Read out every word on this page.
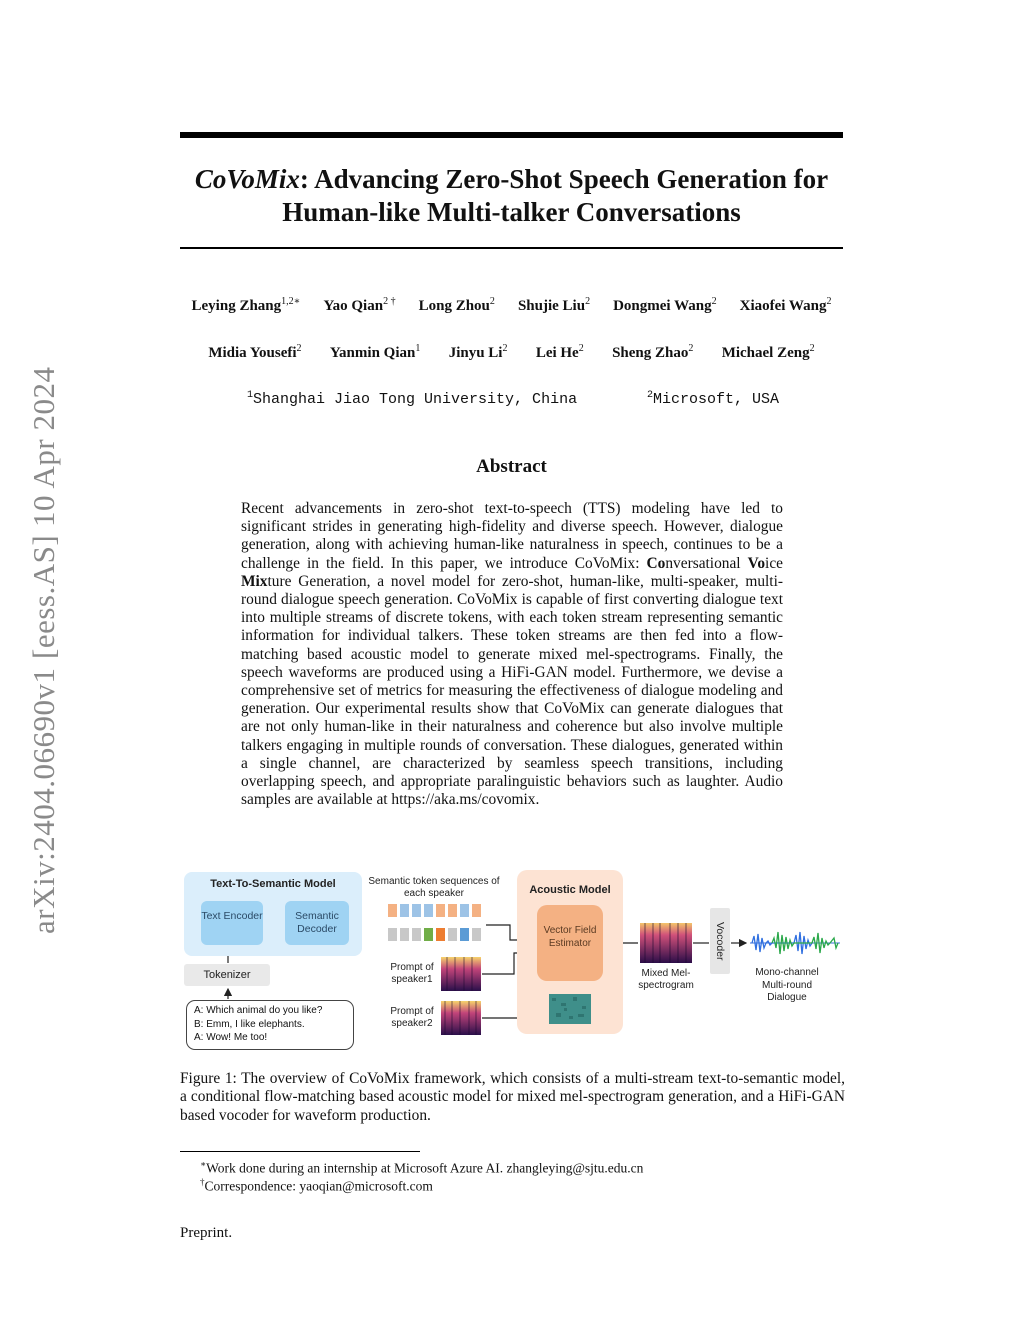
arXiv:2404.06690v1 [eess.AS] 10 Apr 2024
CoVoMix: Advancing Zero-Shot Speech Generation for
Human-like Multi-talker Conversations
Leying Zhang$^{1,2∗}$ Yao Qian$^{2 \dagger}$ Long Zhou$^2$ Shujie Liu$^2$ Dongmei Wang$^2$ Xiaofei Wang$^2$
Midia Yousefi$^2$ Yanmin Qian$^1$ Jinyu Li$^2$ Lei He$^2$ Sheng Zhao$^2$ Michael Zeng$^2$
$^1$Shanghai Jiao Tong University, China	$^2$Microsoft, USA
Abstract
Recent advancements in zero-shot text-to-speech (TTS) modeling have led to significant strides in generating high-fidelity and diverse speech. However, dialogue generation, along with achieving human-like naturalness in speech, continues to be a challenge in the field. In this paper, we introduce CoVoMix: Conversational Voice Mixture Generation, a novel model for zero-shot, human-like, multi-speaker, multi-round dialogue speech generation. CoVoMix is capable of first converting dialogue text into multiple streams of discrete tokens, with each token stream representing semantic information for individual talkers. These token streams are then fed into a flow-matching based acoustic model to generate mixed mel-spectrograms. Finally, the speech waveforms are produced using a HiFi-GAN model. Furthermore, we devise a comprehensive set of metrics for measuring the effectiveness of dialogue modeling and generation. Our experimental results show that CoVoMix can generate dialogues that are not only human-like in their naturalness and coherence but also involve multiple talkers engaging in multiple rounds of conversation. These dialogues, generated within a single channel, are characterized by seamless speech transitions, including overlapping speech, and appropriate paralinguistic behaviors such as laughter. Audio samples are available at https://aka.ms/covomix.
Text-To-Semantic Model
Text Encoder	Semantic Decoder
Tokenizer
A: Which animal do you like?
B: Emm, I like elephants.
A: Wow! Me too!
Semantic token sequences of each speaker
Prompt of speaker1
Prompt of speaker2
Acoustic Model
Vector Field Estimator
Mixed Mel-spectrogram
Vocoder
Mono-channel Multi-round Dialogue
Figure 1: The overview of CoVoMix framework, which consists of a multi-stream text-to-semantic model, a conditional flow-matching based acoustic model for mixed mel-spectrogram generation, and a HiFi-GAN based vocoder for waveform production.
∗Work done during an internship at Microsoft Azure AI. zhangleying@sjtu.edu.cn
†Correspondence: yaoqian@microsoft.com
Preprint.
